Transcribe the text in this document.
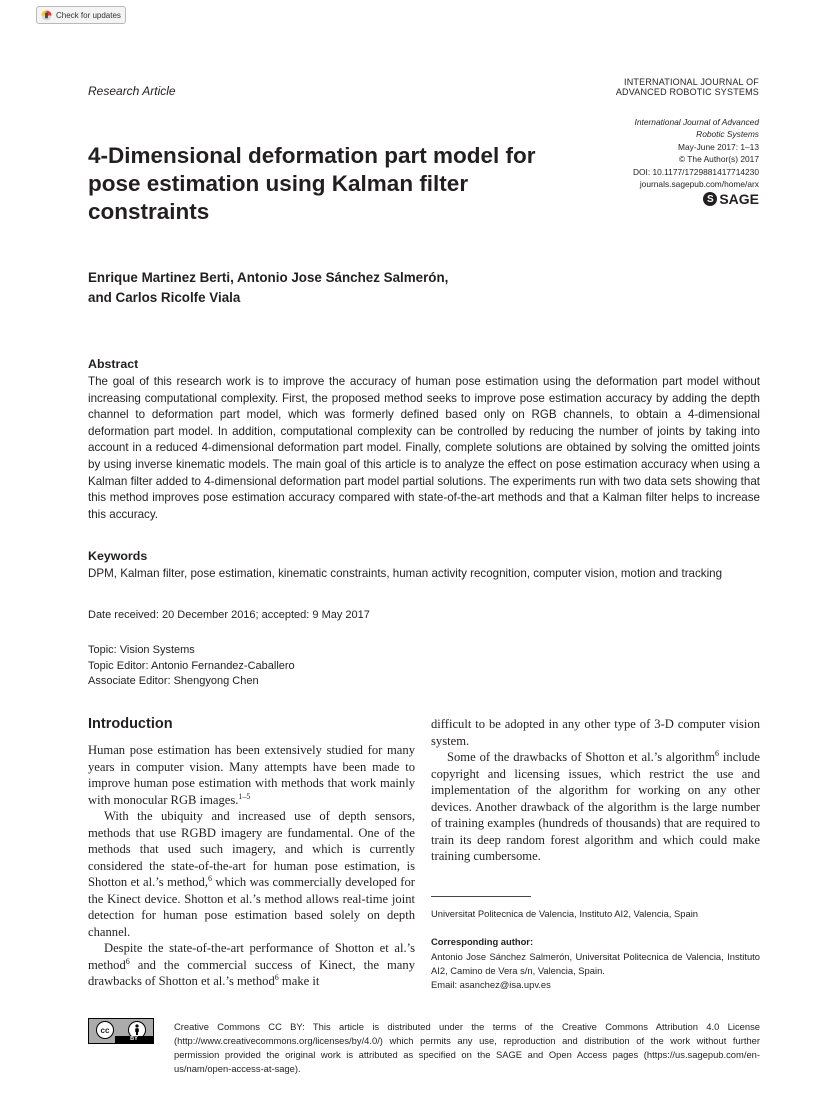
Check for updates
Research Article
INTERNATIONAL JOURNAL OF
ADVANCED ROBOTIC SYSTEMS
International Journal of Advanced
Robotic Systems
May-June 2017: 1–13
© The Author(s) 2017
DOI: 10.1177/1729881417714230
journals.sagepub.com/home/arx
S SAGE
4-Dimensional deformation part model for pose estimation using Kalman filter constraints
Enrique Martinez Berti, Antonio Jose Sánchez Salmerón,
and Carlos Ricolfe Viala
Abstract
The goal of this research work is to improve the accuracy of human pose estimation using the deformation part model without increasing computational complexity. First, the proposed method seeks to improve pose estimation accuracy by adding the depth channel to deformation part model, which was formerly defined based only on RGB channels, to obtain a 4-dimensional deformation part model. In addition, computational complexity can be controlled by reducing the number of joints by taking into account in a reduced 4-dimensional deformation part model. Finally, complete solutions are obtained by solving the omitted joints by using inverse kinematic models. The main goal of this article is to analyze the effect on pose estimation accuracy when using a Kalman filter added to 4-dimensional deformation part model partial solutions. The experiments run with two data sets showing that this method improves pose estimation accuracy compared with state-of-the-art methods and that a Kalman filter helps to increase this accuracy.
Keywords
DPM, Kalman filter, pose estimation, kinematic constraints, human activity recognition, computer vision, motion and tracking
Date received: 20 December 2016; accepted: 9 May 2017
Topic: Vision Systems
Topic Editor: Antonio Fernandez-Caballero
Associate Editor: Shengyong Chen
Introduction

Human pose estimation has been extensively studied for many years in computer vision. Many attempts have been made to improve human pose estimation with methods that work mainly with monocular RGB images.$^{1-5}$

With the ubiquity and increased use of depth sensors, methods that use RGBD imagery are fundamental. One of the methods that used such imagery, and which is currently considered the state-of-the-art for human pose estimation, is Shotton et al.’s method,$^6$ which was commercially developed for the Kinect device. Shotton et al.’s method allows real-time joint detection for human pose estimation based solely on depth channel.

Despite the state-of-the-art performance of Shotton et al.’s method$^6$ and the commercial success of Kinect, the many drawbacks of Shotton et al.’s method$^6$ make it

difficult to be adopted in any other type of 3-D computer vision system.

Some of the drawbacks of Shotton et al.’s algorithm$^6$ include copyright and licensing issues, which restrict the use and implementation of the algorithm for working on any other devices. Another drawback of the algorithm is the large number of training examples (hundreds of thousands) that are required to train its deep random forest algorithm and which could make training cumbersome.

Universitat Politecnica de Valencia, Instituto AI2, Valencia, Spain
Corresponding author:
Antonio Jose Sánchez Salmerón, Universitat Politecnica de Valencia, Instituto AI2, Camino de Vera s/n, Valencia, Spain.
Email: asanchez@isa.upv.es
cc
BY
Creative Commons CC BY: This article is distributed under the terms of the Creative Commons Attribution 4.0 License (http://www.creativecommons.org/licenses/by/4.0/) which permits any use, reproduction and distribution of the work without further permission provided the original work is attributed as specified on the SAGE and Open Access pages (https://us.sagepub.com/en-us/nam/open-access-at-sage).
